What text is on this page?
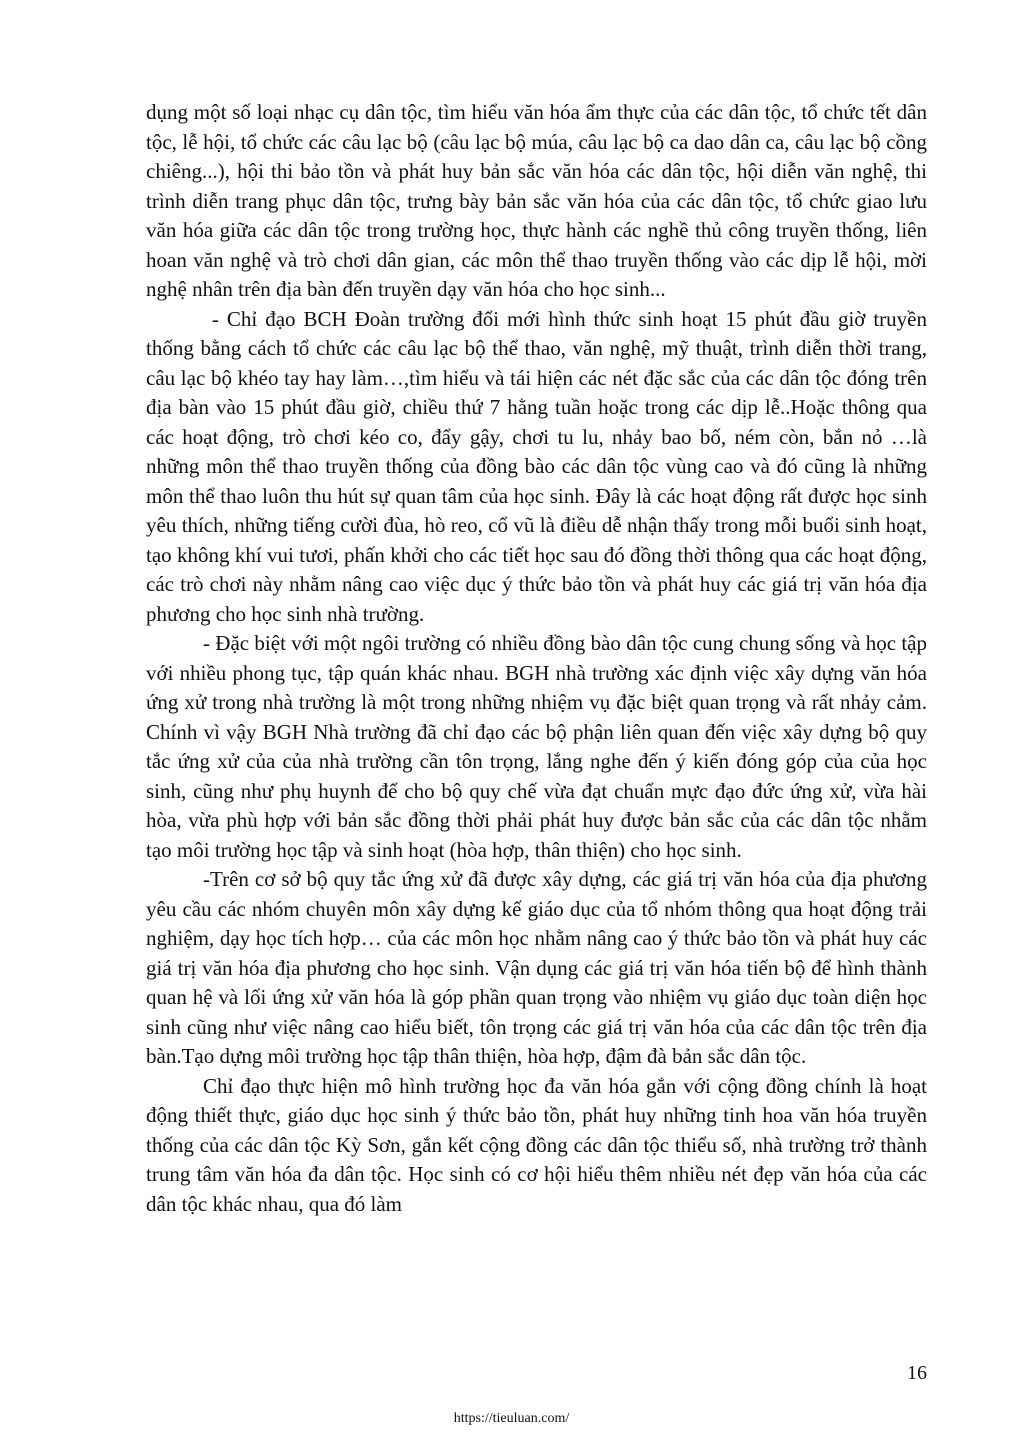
dụng một số loại nhạc cụ dân tộc, tìm hiểu văn hóa ẩm thực của các dân tộc, tổ chức tết dân tộc, lễ hội, tổ chức các câu lạc bộ (câu lạc bộ múa, câu lạc bộ ca dao dân ca, câu lạc bộ cồng chiêng...), hội thi bảo tồn và phát huy bản sắc văn hóa các dân tộc, hội diễn văn nghệ, thi trình diễn trang phục dân tộc, trưng bày bản sắc văn hóa của các dân tộc, tổ chức giao lưu văn hóa giữa các dân tộc trong trường học, thực hành các nghề thủ công truyền thống, liên hoan văn nghệ và trò chơi dân gian, các môn thể thao truyền thống vào các dịp lễ hội, mời nghệ nhân trên địa bàn đến truyền dạy văn hóa cho học sinh...

- Chỉ đạo BCH Đoàn trường đổi mới hình thức sinh hoạt 15 phút đầu giờ truyền thống bằng cách tổ chức các câu lạc bộ thể thao, văn nghệ, mỹ thuật, trình diễn thời trang, câu lạc bộ khéo tay hay làm…,tìm hiểu và tái hiện các nét đặc sắc của các dân tộc đóng trên địa bàn vào 15 phút đầu giờ, chiều thứ 7 hằng tuần hoặc trong các dịp lễ..Hoặc thông qua các hoạt động, trò chơi kéo co, đẩy gậy, chơi tu lu, nhảy bao bố, ném còn, bắn nỏ …là những môn thể thao truyền thống của đồng bào các dân tộc vùng cao và đó cũng là những môn thể thao luôn thu hút sự quan tâm của học sinh. Đây là các hoạt động rất được học sinh yêu thích, những tiếng cười đùa, hò reo, cổ vũ là điều dễ nhận thấy trong mỗi buổi sinh hoạt, tạo không khí vui tươi, phấn khởi cho các tiết học sau đó đồng thời thông qua các hoạt động, các trò chơi này nhằm nâng cao việc dục ý thức bảo tồn và phát huy các giá trị văn hóa địa phương cho học sinh nhà trường.

- Đặc biệt với một ngôi trường có nhiều đồng bào dân tộc cung chung sống và học tập với nhiều phong tục, tập quán khác nhau. BGH nhà trường xác định việc xây dựng văn hóa ứng xử trong nhà trường là một trong những nhiệm vụ đặc biệt quan trọng và rất nhảy cảm. Chính vì vậy BGH Nhà trường đã chỉ đạo các bộ phận liên quan đến việc xây dựng bộ quy tắc ứng xử của của nhà trường cần tôn trọng, lắng nghe đến ý kiến đóng góp của của học sinh, cũng như phụ huynh để cho bộ quy chế vừa đạt chuẩn mực đạo đức ứng xử, vừa hài hòa, vừa phù hợp với bản sắc đồng thời phải phát huy được bản sắc của các dân tộc nhằm tạo môi trường học tập và sinh hoạt (hòa hợp, thân thiện) cho học sinh.

-Trên cơ sở bộ quy tắc ứng xử đã được xây dựng, các giá trị văn hóa của địa phương yêu cầu các nhóm chuyên môn xây dựng kế giáo dục của tổ nhóm thông qua hoạt động trải nghiệm, dạy học tích hợp… của các môn học nhằm nâng cao ý thức bảo tồn và phát huy các giá trị văn hóa địa phương cho học sinh. Vận dụng các giá trị văn hóa tiến bộ để hình thành quan hệ và lối ứng xử văn hóa là góp phần quan trọng vào nhiệm vụ giáo dục toàn diện học sinh cũng như việc nâng cao hiểu biết, tôn trọng các giá trị văn hóa của các dân tộc trên địa bàn.Tạo dựng môi trường học tập thân thiện, hòa hợp, đậm đà bản sắc dân tộc.

Chỉ đạo thực hiện mô hình trường học đa văn hóa gắn với cộng đồng chính là hoạt động thiết thực, giáo dục học sinh ý thức bảo tồn, phát huy những tinh hoa văn hóa truyền thống của các dân tộc Kỳ Sơn, gắn kết cộng đồng các dân tộc thiểu số, nhà trường trở thành trung tâm văn hóa đa dân tộc. Học sinh có cơ hội hiểu thêm nhiều nét đẹp văn hóa của các dân tộc khác nhau, qua đó làm

16
https://tieuluan.com/
